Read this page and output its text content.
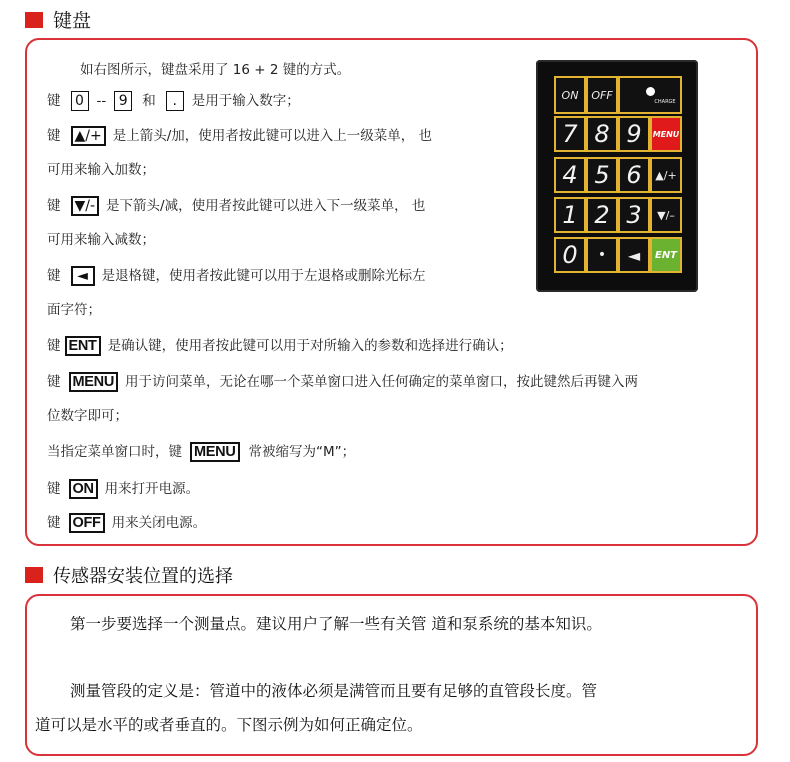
键盘
如右图所示，键盘采用了 16 + 2 键的方式。
键	0 -- 9	和	.	是用于输入数字；
键 ▲/+ 是上箭头/加，使用者按此键可以进入上一级菜单， 也
可用来输入加数；
键 ▼/- 是下箭头/减，使用者按此键可以进入下一级菜单， 也
可用来输入减数；
键	◄	是退格键，使用者按此键可以用于左退格或删除光标左
面字符；
键 ENT 是确认键，使用者按此键可以用于对所输入的参数和选择进行确认；
键 MENU 用于访问菜单，无论在哪一个菜单窗口进入任何确定的菜单窗口，按此键然后再键入两
位数字即可；
当指定菜单窗口时，键 MENU 常被缩写为“M”；
键 ON 用来打开电源。
键 OFF 用来关闭电源。
ON	OFF
CHARGE
7 8 9	MENU
4 5 6	▲/+
1 2 3	▼/–
0	•	◄	ENT
传感器安装位置的选择
第一步要选择一个测量点。建议用户了解一些有关管 道和泵系统的基本知识。
测量管段的定义是：管道中的液体必须是满管而且要有足够的直管段长度。管
道可以是水平的或者垂直的。下图示例为如何正确定位。
